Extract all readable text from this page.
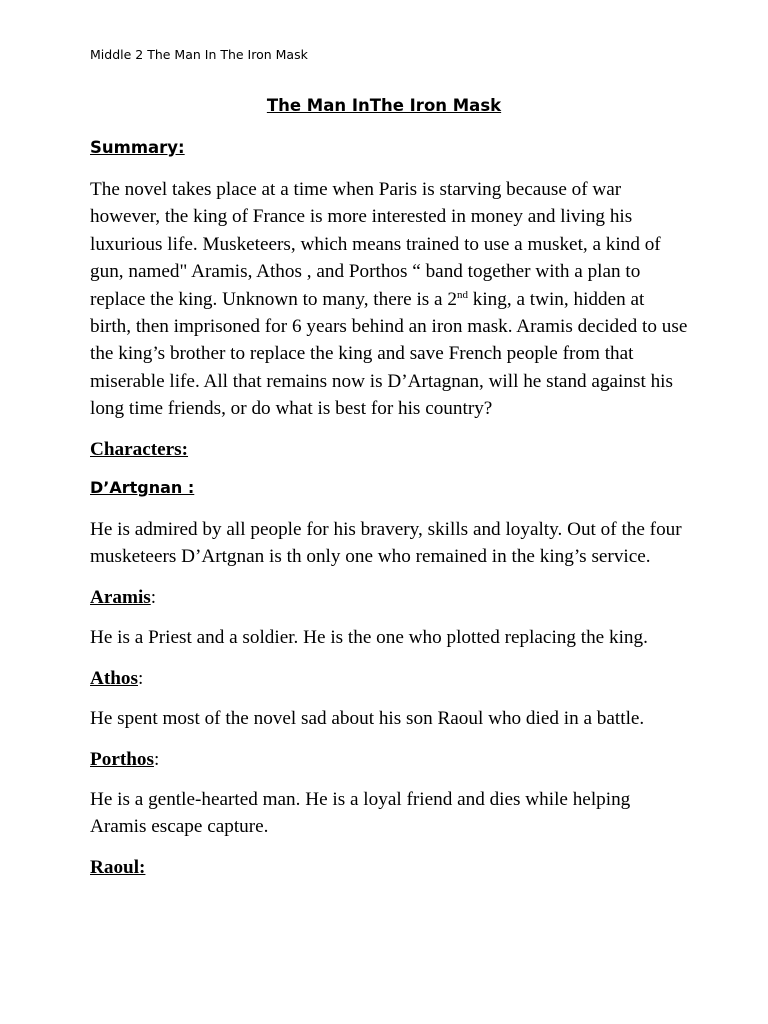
Middle 2 The Man In The Iron Mask
The Man InThe Iron Mask
Summary:
The novel takes place at a time when Paris is starving because of war however, the king of France is more interested in money and living his luxurious life. Musketeers, which means trained to use a musket, a kind of gun, named" Aramis, Athos , and Porthos “ band together with a plan to replace the king. Unknown to many, there is a 2nd king, a twin, hidden at birth, then imprisoned for 6 years behind an iron mask. Aramis decided to use the king’s brother to replace the king and save French people from that miserable life. All that remains now is D’Artagnan, will he stand against his long time friends, or do what is best for his country?
Characters:
D’Artgnan :
He is admired by all people for his bravery, skills and loyalty. Out of the four musketeers D’Artgnan is th only one who remained in the king’s service.
Aramis:
He is a Priest and a soldier. He is the one who plotted replacing the king.
Athos:
He spent most of the novel sad about his son Raoul who died in a battle.
Porthos:
He is a gentle-hearted man. He is a loyal friend and dies while helping Aramis escape capture.
Raoul:
